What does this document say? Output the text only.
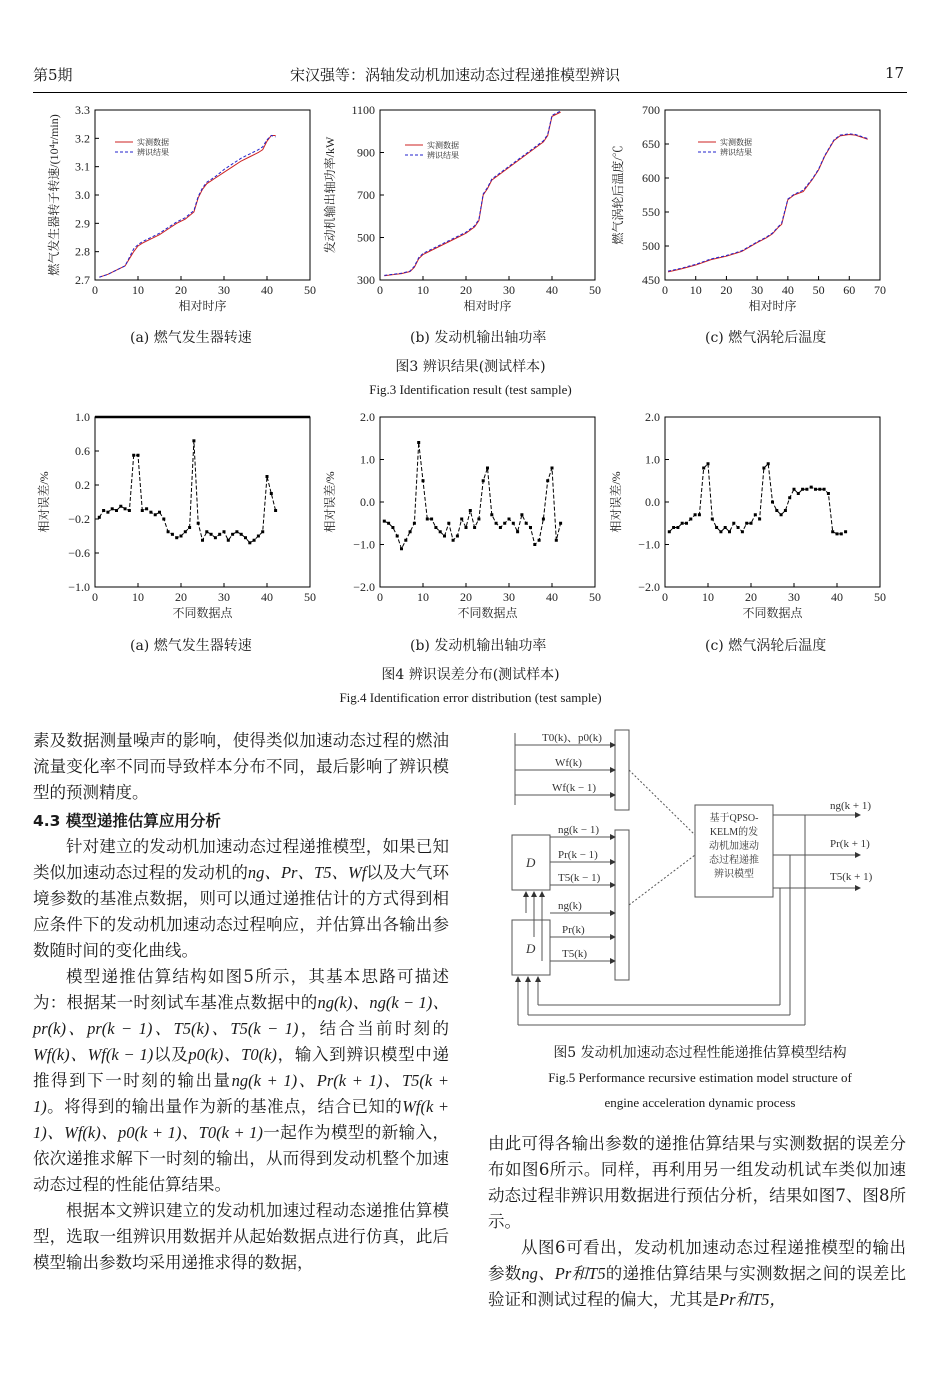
第5期	宋汉强等：涡轴发动机加速动态过程递推模型辨识	17
0	10	20	30	40	50
2.7
2.8
2.9
3.0
3.1
3.2
3.3
相对时序
燃气发生器转子转速/(10⁴r/min)	实测数据
辨识结果
0	10	20	30	40	50
300
500
700
900
1100
相对时序
发动机输出轴功率/kW	实测数据
辨识结果
0 10 20 30 40 50 60 70
450
500
550
600
650
700
相对时序
燃气涡轮后温度/℃
实测数据
辨识结果
(a) 燃气发生器转速	(b) 发动机输出轴功率	(c) 燃气涡轮后温度
图3 辨识结果(测试样本)
Fig.3 Identification result (test sample)
0	10	20	30	40	50
−1.0
−0.6
−0.2
0.2
0.6
1.0
不同数据点
相对误差/%
0	10	20	30	40	50
−2.0
−1.0
0.0
1.0
2.0
不同数据点
相对误差/%
0	10	20	30	40	50
−2.0
−1.0
0.0
1.0
2.0
不同数据点
相对误差/%
(a) 燃气发生器转速	(b) 发动机输出轴功率	(c) 燃气涡轮后温度
图4 辨识误差分布(测试样本)
Fig.4 Identification error distribution (test sample)

素及数据测量噪声的影响，使得类似加速动态过程的燃油流量变化率不同而导致样本分布不同，最后影响了辨识模型的预测精度。

4.3 模型递推估算应用分析

针对建立的发动机加速动态过程递推模型，如果已知类似加速动态过程的发动机的ng、Pr、T5、Wf以及大气环境参数的基准点数据，则可以通过递推估计的方式得到相应条件下的发动机加速动态过程响应，并估算出各输出参数随时间的变化曲线。

模型递推估算结构如图5所示，其基本思路可描述为：根据某一时刻试车基准点数据中的ng(k)、ng(k − 1)、pr(k)、pr(k − 1)、T5(k)、T5(k − 1)，结合当前时刻的Wf(k)、Wf(k − 1)以及p0(k)、T0(k)，输入到辨识模型中递推得到下一时刻的输出量ng(k + 1)、Pr(k + 1)、T5(k + 1)。将得到的输出量作为新的基准点，结合已知的Wf(k + 1)、Wf(k)、p0(k + 1)、T0(k + 1)一起作为模型的新输入，依次递推求解下一时刻的输出，从而得到发动机整个加速动态过程的性能估算结果。

根据本文辨识建立的发动机加速过程动态递推估算模型，选取一组辨识用数据并从起始数据点进行仿真，此后模型输出参数均采用递推求得的数据，

T0(k)、p0(k)
Wf(k)
Wf(k − 1)
ng(k − 1)
Pr(k − 1)
T5(k − 1)
ng(k)
Pr(k)
T5(k)
D
D
基于QPSO-
KELM的发
动机加速动
态过程递推
辨识模型
ng(k + 1)
Pr(k + 1)
T5(k + 1)
图5 发动机加速动态过程性能递推估算模型结构
Fig.5 Performance recursive estimation model structure of
engine acceleration dynamic process

由此可得各输出参数的递推估算结果与实测数据的误差分布如图6所示。同样，再利用另一组发动机试车类似加速动态过程非辨识用数据进行预估分析，结果如图7、图8所示。

从图6可看出，发动机加速动态过程递推模型的输出参数ng、Pr和T5的递推估算结果与实测数据之间的误差比验证和测试过程的偏大，尤其是Pr和T5，
